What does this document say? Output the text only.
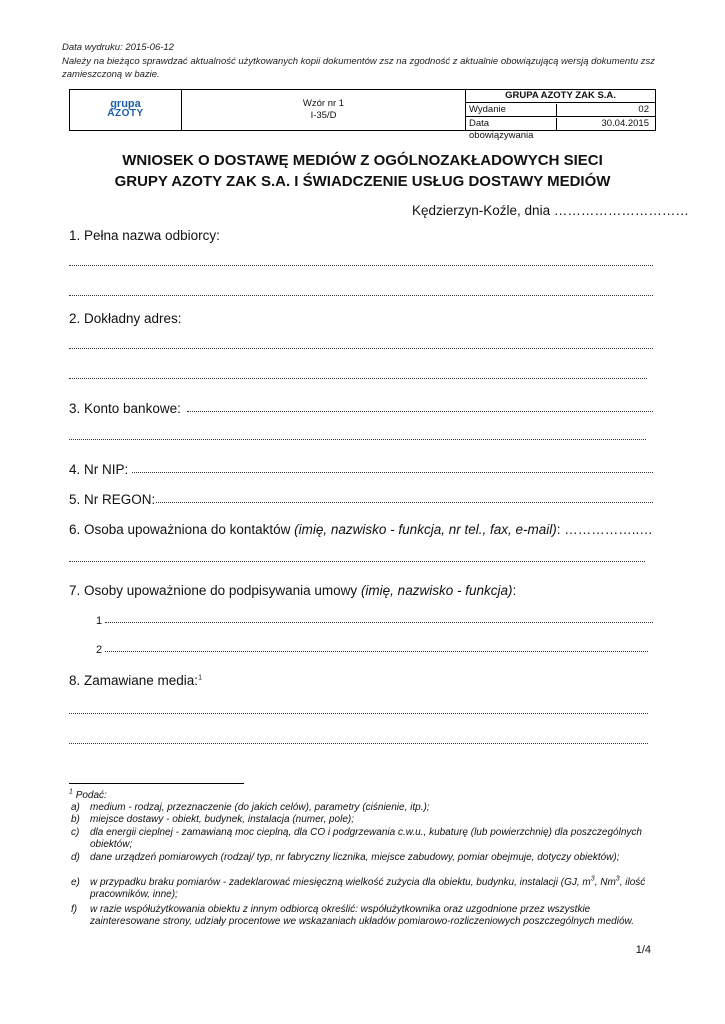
Data wydruku: 2015-06-12
Należy na bieżąco sprawdzać aktualność użytkowanych kopii dokumentów zsz na zgodność z aktualnie obowiązującą wersją dokumentu zsz zamieszczoną w bazie.
grupa
AZOTY

Wzór nr 1
I-35/D
	GRUPA AZOTY ZAK S.A.

Wydanie	02

Data obowiązywania
30.04.2015
WNIOSEK O DOSTAWĘ MEDIÓW Z OGÓLNOZAKŁADOWYCH SIECI
GRUPY AZOTY ZAK S.A. I ŚWIADCZENIE USŁUG DOSTAWY MEDIÓW
Kędzierzyn-Koźle, dnia …………………………
1. Pełna nazwa odbiorcy:
2. Dokładny adres:
3. Konto bankowe:
4. Nr NIP:
5. Nr REGON:
6. Osoba upoważniona do kontaktów (imię, nazwisko - funkcja, nr tel., fax, e-mail): ……………..…
7. Osoby upoważnione do podpisywania umowy (imię, nazwisko - funkcja):
1
2
8. Zamawiane media:$^1$
$^1$ Podać:
a)	medium - rodzaj, przeznaczenie (do jakich celów), parametry (ciśnienie, itp.);
b)	miejsce dostawy - obiekt, budynek, instalacja (numer, pole);
c)	dla energii cieplnej - zamawianą moc cieplną, dla CO i podgrzewania c.w.u., kubaturę (lub powierzchnię) dla poszczególnych obiektów;
d)	dane urządzeń pomiarowych (rodzaj/ typ, nr fabryczny licznika, miejsce zabudowy, pomiar obejmuje, dotyczy obiektów);
e)	w przypadku braku pomiarów - zadeklarować miesięczną wielkość zużycia dla obiektu, budynku, instalacji (GJ, $m^3$, Nm$^3$, ilość pracowników, inne);
f)	w razie współużytkowania obiektu z innym odbiorcą określić: współużytkownika oraz uzgodnione przez wszystkie zainteresowane strony, udziały procentowe we wskazaniach układów pomiarowo-rozliczeniowych poszczególnych mediów.
1/4
